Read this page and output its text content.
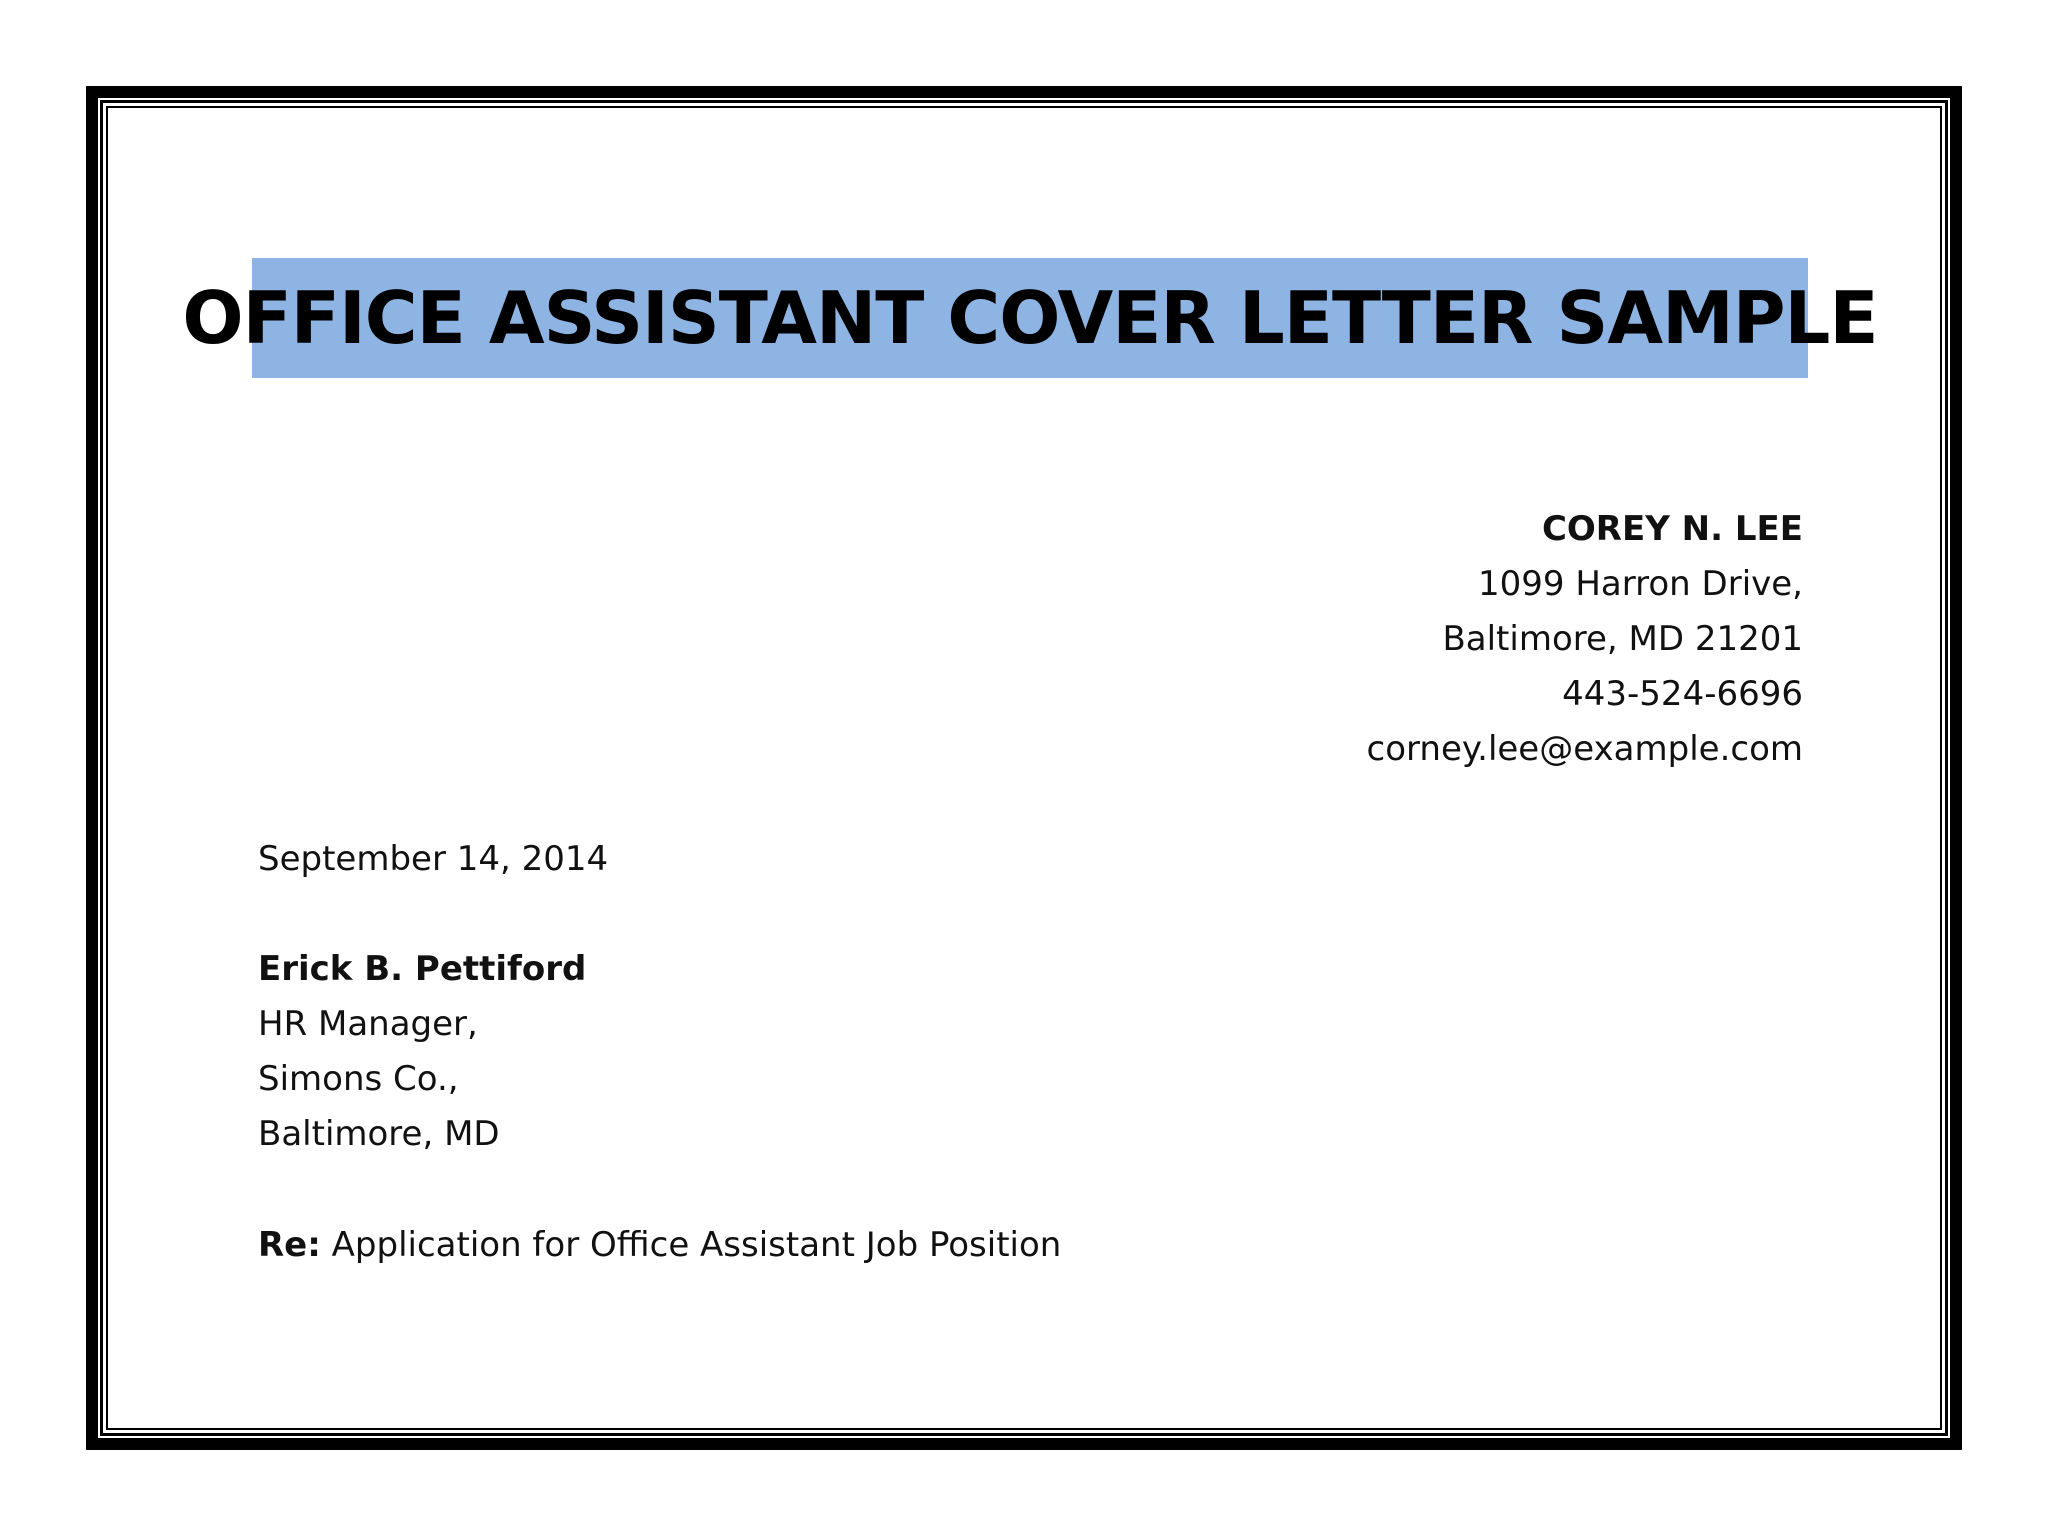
OFFICE ASSISTANT COVER LETTER SAMPLE
COREY N. LEE
1099 Harron Drive,
Baltimore, MD 21201
443-524-6696
corney.lee@example.com
September 14, 2014
Erick B. Pettiford
HR Manager,
Simons Co.,
Baltimore, MD
Re: Application for Office Assistant Job Position
